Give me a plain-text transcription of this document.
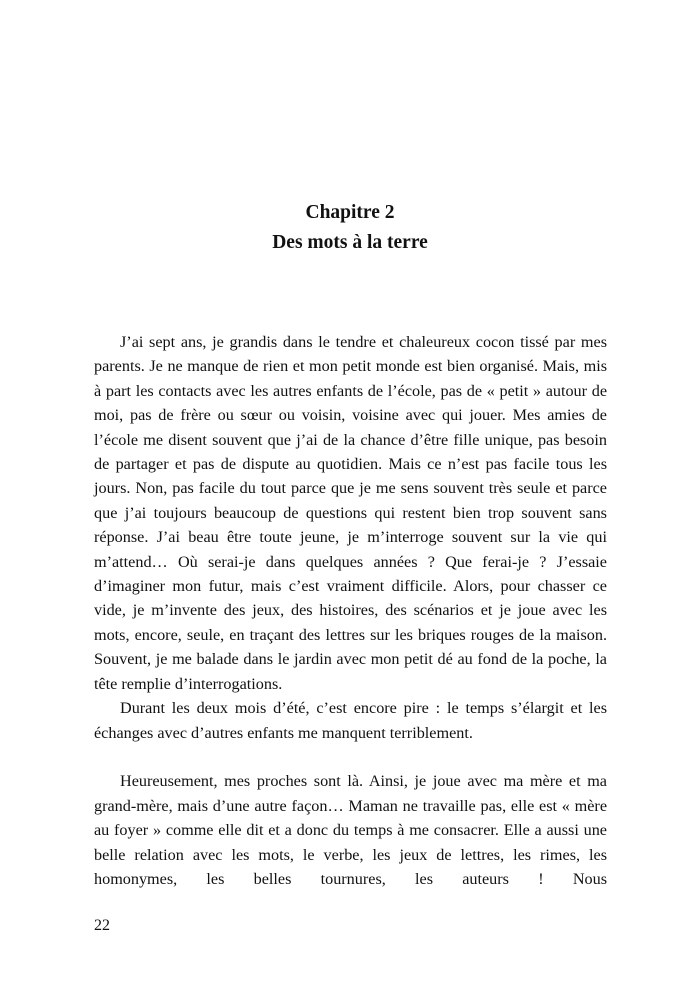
Chapitre 2
Des mots à la terre

J’ai sept ans, je grandis dans le tendre et chaleureux cocon tissé par mes parents. Je ne manque de rien et mon petit monde est bien organisé. Mais, mis à part les contacts avec les autres enfants de l’école, pas de « petit » autour de moi, pas de frère ou sœur ou voisin, voisine avec qui jouer. Mes amies de l’école me disent souvent que j’ai de la chance d’être fille unique, pas besoin de partager et pas de dispute au quotidien. Mais ce n’est pas facile tous les jours. Non, pas facile du tout parce que je me sens souvent très seule et parce que j’ai toujours beaucoup de questions qui restent bien trop souvent sans réponse. J’ai beau être toute jeune, je m’interroge souvent sur la vie qui m’attend… Où serai-je dans quelques années ? Que ferai-je ? J’essaie d’imaginer mon futur, mais c’est vraiment difficile. Alors, pour chasser ce vide, je m’invente des jeux, des histoires, des scénarios et je joue avec les mots, encore, seule, en traçant des lettres sur les briques rouges de la maison. Souvent, je me balade dans le jardin avec mon petit dé au fond de la poche, la tête remplie d’interrogations.

Durant les deux mois d’été, c’est encore pire : le temps s’élargit et les échanges avec d’autres enfants me manquent terriblement.

Heureusement, mes proches sont là. Ainsi, je joue avec ma mère et ma grand-mère, mais d’une autre façon… Maman ne travaille pas, elle est « mère au foyer » comme elle dit et a donc du temps à me consacrer. Elle a aussi une belle relation avec les mots, le verbe, les jeux de lettres, les rimes, les homonymes, les belles tournures, les auteurs ! Nous

22
